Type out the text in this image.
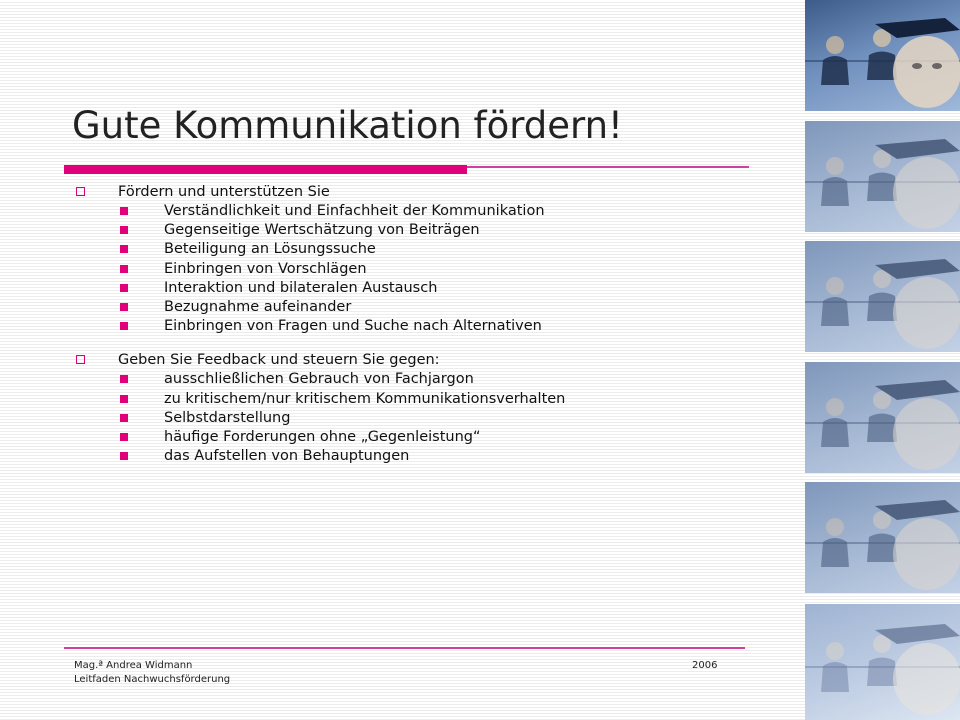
Gute Kommunikation fördern!
Fördern und unterstützen Sie
Verständlichkeit und Einfachheit der Kommunikation
Gegenseitige Wertschätzung von Beiträgen
Beteiligung an Lösungssuche
Einbringen von Vorschlägen
Interaktion und bilateralen Austausch
Bezugnahme aufeinander
Einbringen von Fragen und Suche nach Alternativen
Geben Sie Feedback und steuern Sie gegen:
ausschließlichen Gebrauch von Fachjargon
zu kritischem/nur kritischem Kommunikationsverhalten
Selbstdarstellung
häufige Forderungen ohne „Gegenleistung“
das Aufstellen von Behauptungen
Mag.ª Andrea Widmann
Leitfaden Nachwuchsförderung
2006
